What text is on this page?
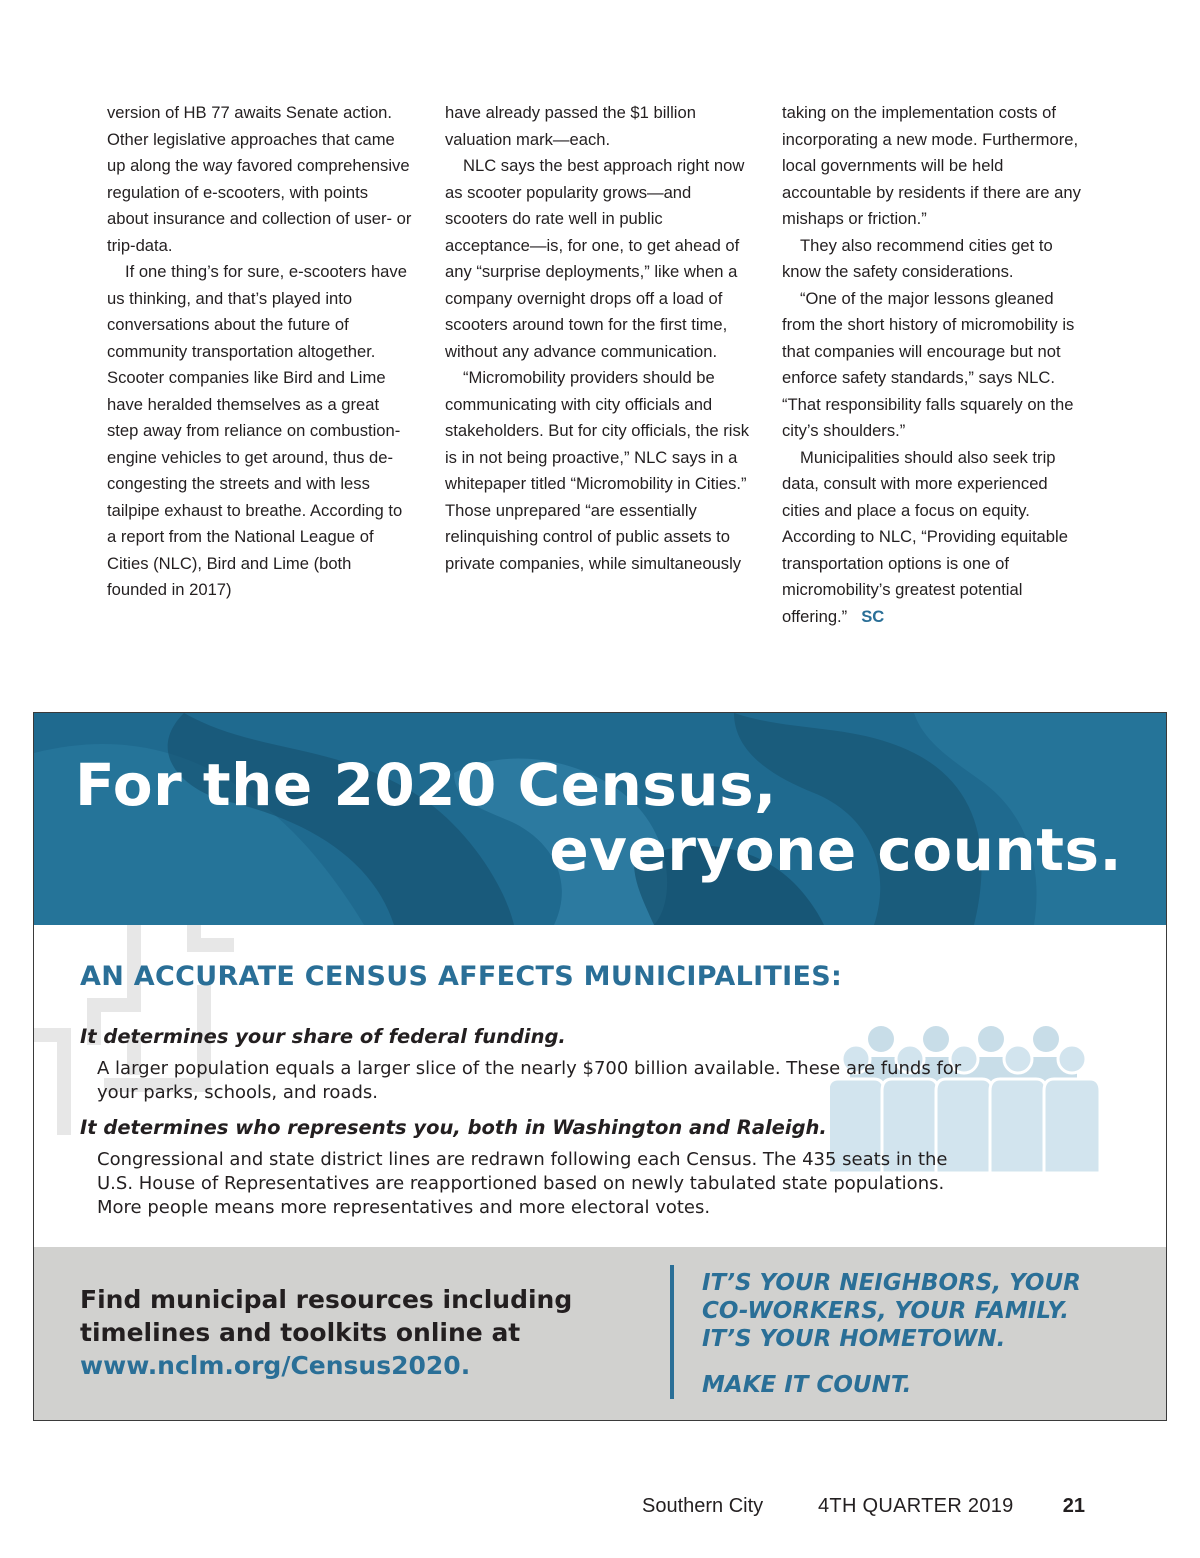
version of HB 77 awaits Senate action. Other legislative approaches that came up along the way favored comprehensive regulation of e-scooters, with points about insurance and collection of user- or trip-data.

If one thing’s for sure, e-scooters have us thinking, and that’s played into conversations about the future of community transportation altogether. Scooter companies like Bird and Lime have heralded themselves as a great step away from reliance on combustion-engine vehicles to get around, thus de-congesting the streets and with less tailpipe exhaust to breathe. According to a report from the National League of Cities (NLC), Bird and Lime (both founded in 2017)

have already passed the $1 billion valuation mark—each.

NLC says the best approach right now as scooter popularity grows—and scooters do rate well in public acceptance—is, for one, to get ahead of any “surprise deployments,” like when a company overnight drops off a load of scooters around town for the first time, without any advance communication.

“Micromobility providers should be communicating with city officials and stakeholders. But for city officials, the risk is in not being proactive,” NLC says in a whitepaper titled “Micromobility in Cities.” Those unprepared “are essentially relinquishing control of public assets to private companies, while simultaneously

taking on the implementation costs of incorporating a new mode. Furthermore, local governments will be held accountable by residents if there are any mishaps or friction.”

They also recommend cities get to know the safety considerations.

“One of the major lessons gleaned from the short history of micromobility is that companies will encourage but not enforce safety standards,” says NLC. “That responsibility falls squarely on the city’s shoulders.”

Municipalities should also seek trip data, consult with more experienced cities and place a focus on equity. According to NLC, “Providing equitable transportation options is one of micromobility’s greatest potential offering.” SC

For the 2020 Census,
everyone counts.
AN ACCURATE CENSUS AFFECTS MUNICIPALITIES:
It determines your share of federal funding.

A larger population equals a larger slice of the nearly $700 billion available. These are funds for your parks, schools, and roads.

It determines who represents you, both in Washington and Raleigh.

Congressional and state district lines are redrawn following each Census. The 435 seats in the U.S. House of Representatives are reapportioned based on newly tabulated state populations. More people means more representatives and more electoral votes.

Find municipal resources including timelines and toolkits online at
www.nclm.org/Census2020.

IT’S YOUR NEIGHBORS, YOUR
CO-WORKERS, YOUR FAMILY.
IT’S YOUR HOMETOWN.
MAKE IT COUNT.

Southern City	4TH QUARTER 2019 21
